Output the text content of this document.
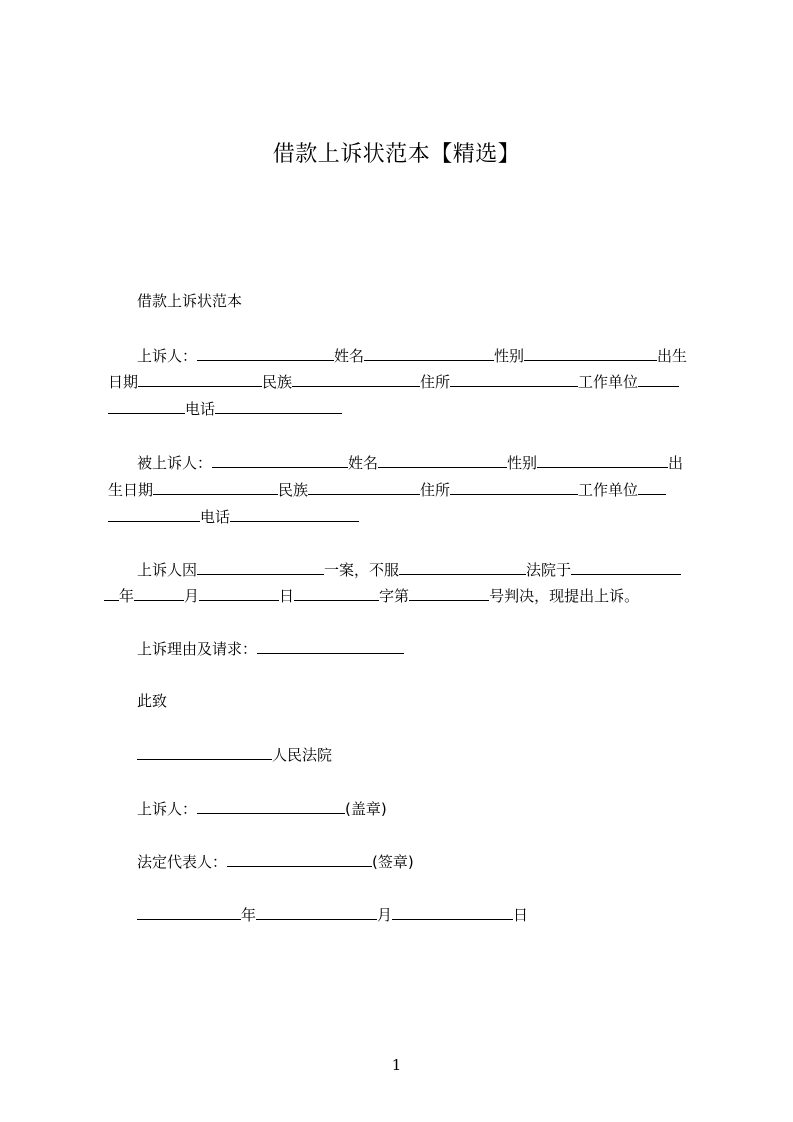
借款上诉状范本【精选】
借款上诉状范本
上诉人：	姓名	性别	出生
日期	民族	住所	工作单位
电话
被上诉人：	姓名	性别	出
生日期	民族	住所	工作单位
电话
上诉人因	一案，不服	法院于
年	月	日	字第	号判决，现提出上诉。
上诉理由及请求：
此致
人民法院
上诉人：	(盖章)
法定代表人：	(签章)
年	月	日
1
